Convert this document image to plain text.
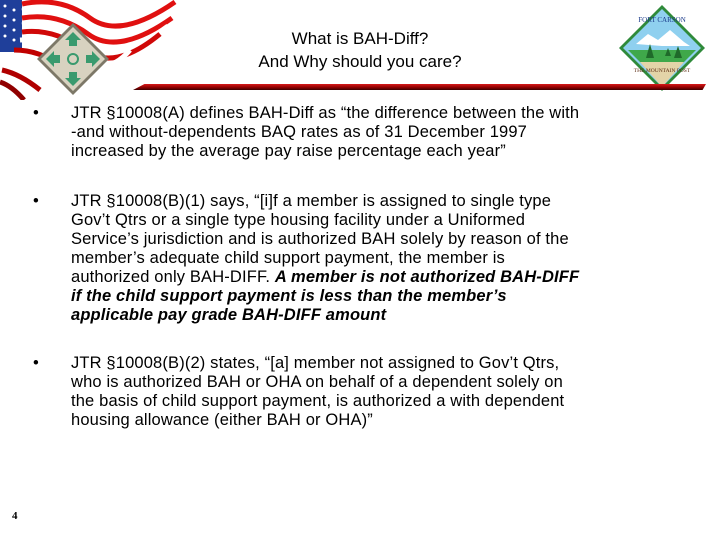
FORT CARSON
THE MOUNTAIN POST
What is BAH-Diff?
And Why should you care?
• JTR §10008(A) defines BAH-Diff as “the difference between the with
-and without-dependents BAQ rates as of 31 December 1997
increased by the average pay raise percentage each year”
• JTR §10008(B)(1) says, “[i]f a member is assigned to single type
Gov’t Qtrs or a single type housing facility under a Uniformed
Service’s jurisdiction and is authorized BAH solely by reason of the
member’s adequate child support payment, the member is
authorized only BAH-DIFF. A member is not authorized BAH-DIFF
if the child support payment is less than the member’s
applicable pay grade BAH-DIFF amount
• JTR §10008(B)(2) states, “[a] member not assigned to Gov’t Qtrs,
who is authorized BAH or OHA on behalf of a dependent solely on
the basis of child support payment, is authorized a with dependent
housing allowance (either BAH or OHA)”
4
